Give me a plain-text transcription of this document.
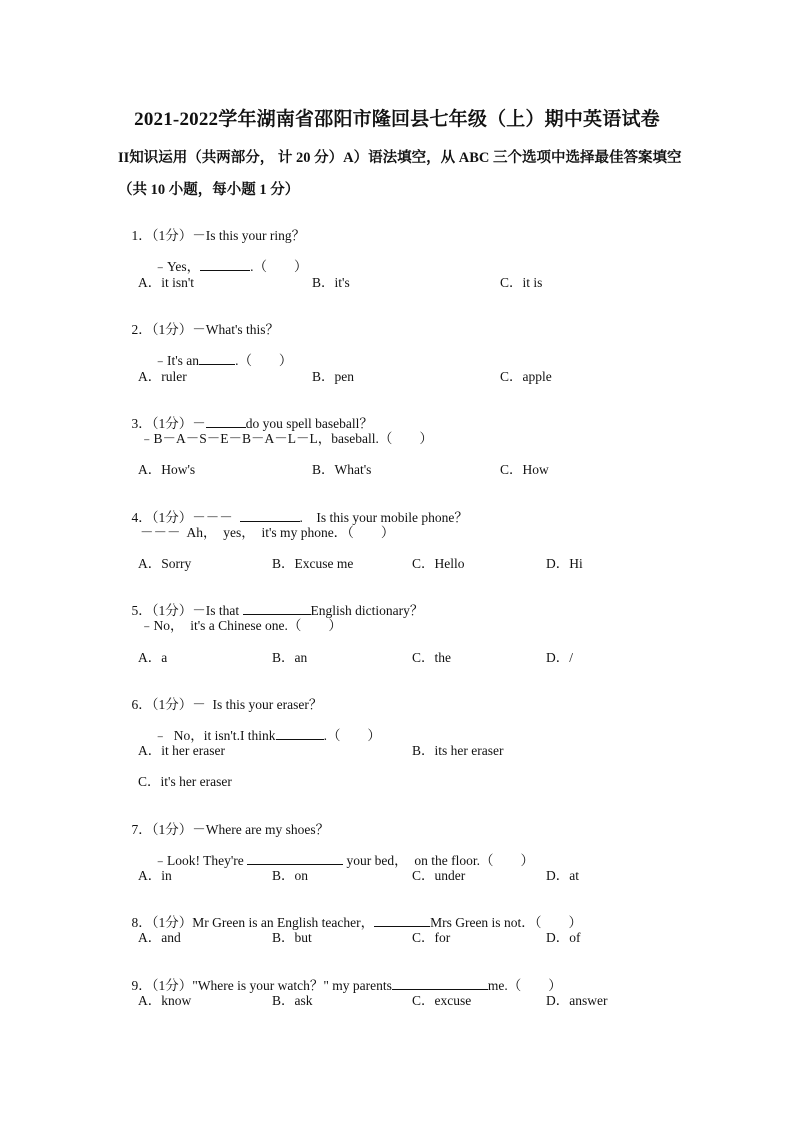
2021-2022学年湖南省邵阳市隆回县七年级（上）期中英语试卷
II知识运用（共两部分， 计 20 分）A）语法填空，从 ABC 三个选项中选择最佳答案填空
（共 10 小题，每小题 1 分）

1．（1分）－Is this your ring？

﹣Yes，	.（　　）

A．it isn't	B．it's	C．it is

2．（1分）－What's this？

﹣It's an	.（　　）

A．ruler	B．pen	C．apple

3．（1分）－	do you spell baseball？

﹣B－A－S－E－B－A－L－L，baseball.（　　）
A．How's	B．What's	C．How

4．（1分）－－－	.    Is this your mobile phone？

－－－  Ah，  yes，  it's my phone．（　　）
A．Sorry	B．Excuse me	C．Hello	D．Hi

5．（1分）－Is that	English dictionary？

﹣No，  it's a Chinese one.（　　）
A．a	B．an	C．the	D．/

6．（1分）－  Is this your eraser？

﹣  No，it isn't.I think	.（　　）

A．it her eraser	B．its her eraser
C．it's her eraser

7．（1分）－Where are my shoes？

﹣Look! They're	your bed，  on the floor.（　　）

A．in	B．on	C．under	D．at

8．（1分）Mr Green is an English teacher，	Mrs Green is not．（　　）

A．and	B．but	C．for	D．of

9．（1分）"Where is your watch？" my parents	me.（　　）

A．know	B．ask	C．excuse	D．answer
